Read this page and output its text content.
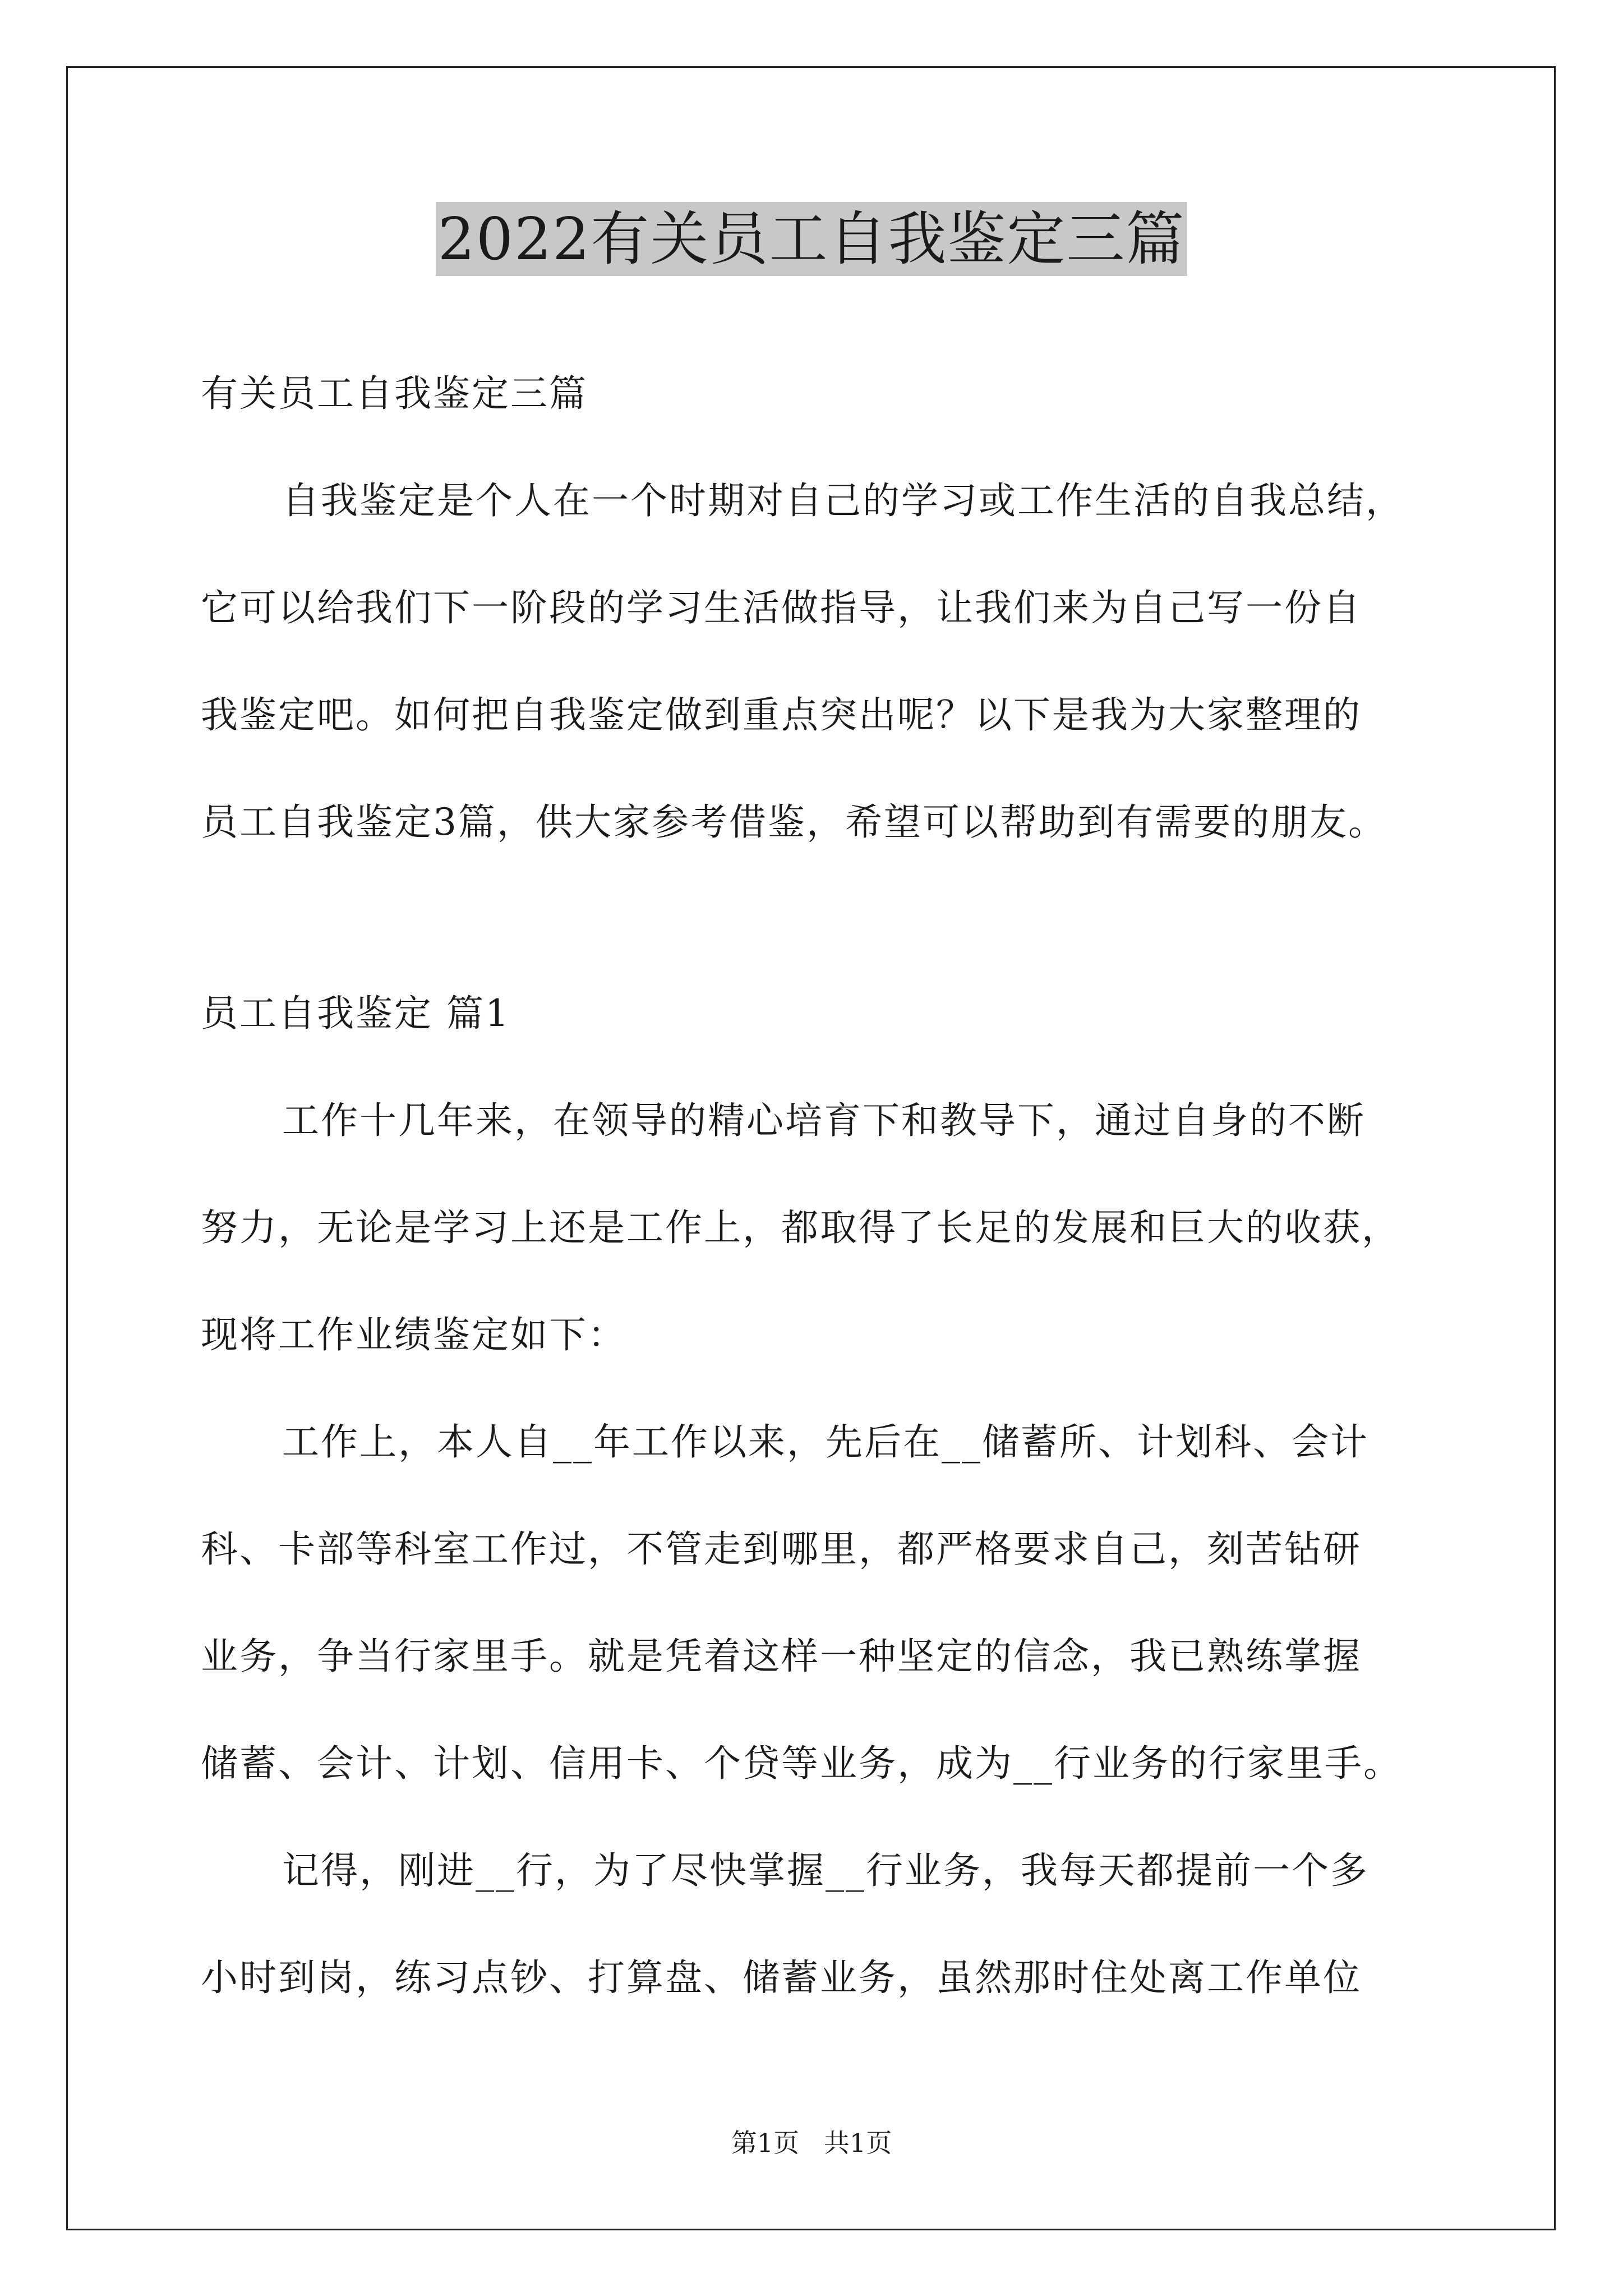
2022有关员工自我鉴定三篇
有关员工自我鉴定三篇
自我鉴定是个人在一个时期对自己的学习或工作生活的自我总结，
它可以给我们下一阶段的学习生活做指导，让我们来为自己写一份自
我鉴定吧。如何把自我鉴定做到重点突出呢？以下是我为大家整理的
员工自我鉴定3篇，供大家参考借鉴，希望可以帮助到有需要的朋友。
员工自我鉴定 篇1
工作十几年来，在领导的精心培育下和教导下，通过自身的不断
努力，无论是学习上还是工作上，都取得了长足的发展和巨大的收获，
现将工作业绩鉴定如下：
工作上，本人自__年工作以来，先后在__储蓄所、计划科、会计
科、卡部等科室工作过，不管走到哪里，都严格要求自己，刻苦钻研
业务，争当行家里手。就是凭着这样一种坚定的信念，我已熟练掌握
储蓄、会计、计划、信用卡、个贷等业务，成为__行业务的行家里手。
记得，刚进__行，为了尽快掌握__行业务，我每天都提前一个多
小时到岗，练习点钞、打算盘、储蓄业务，虽然那时住处离工作单位
第1页   共1页
